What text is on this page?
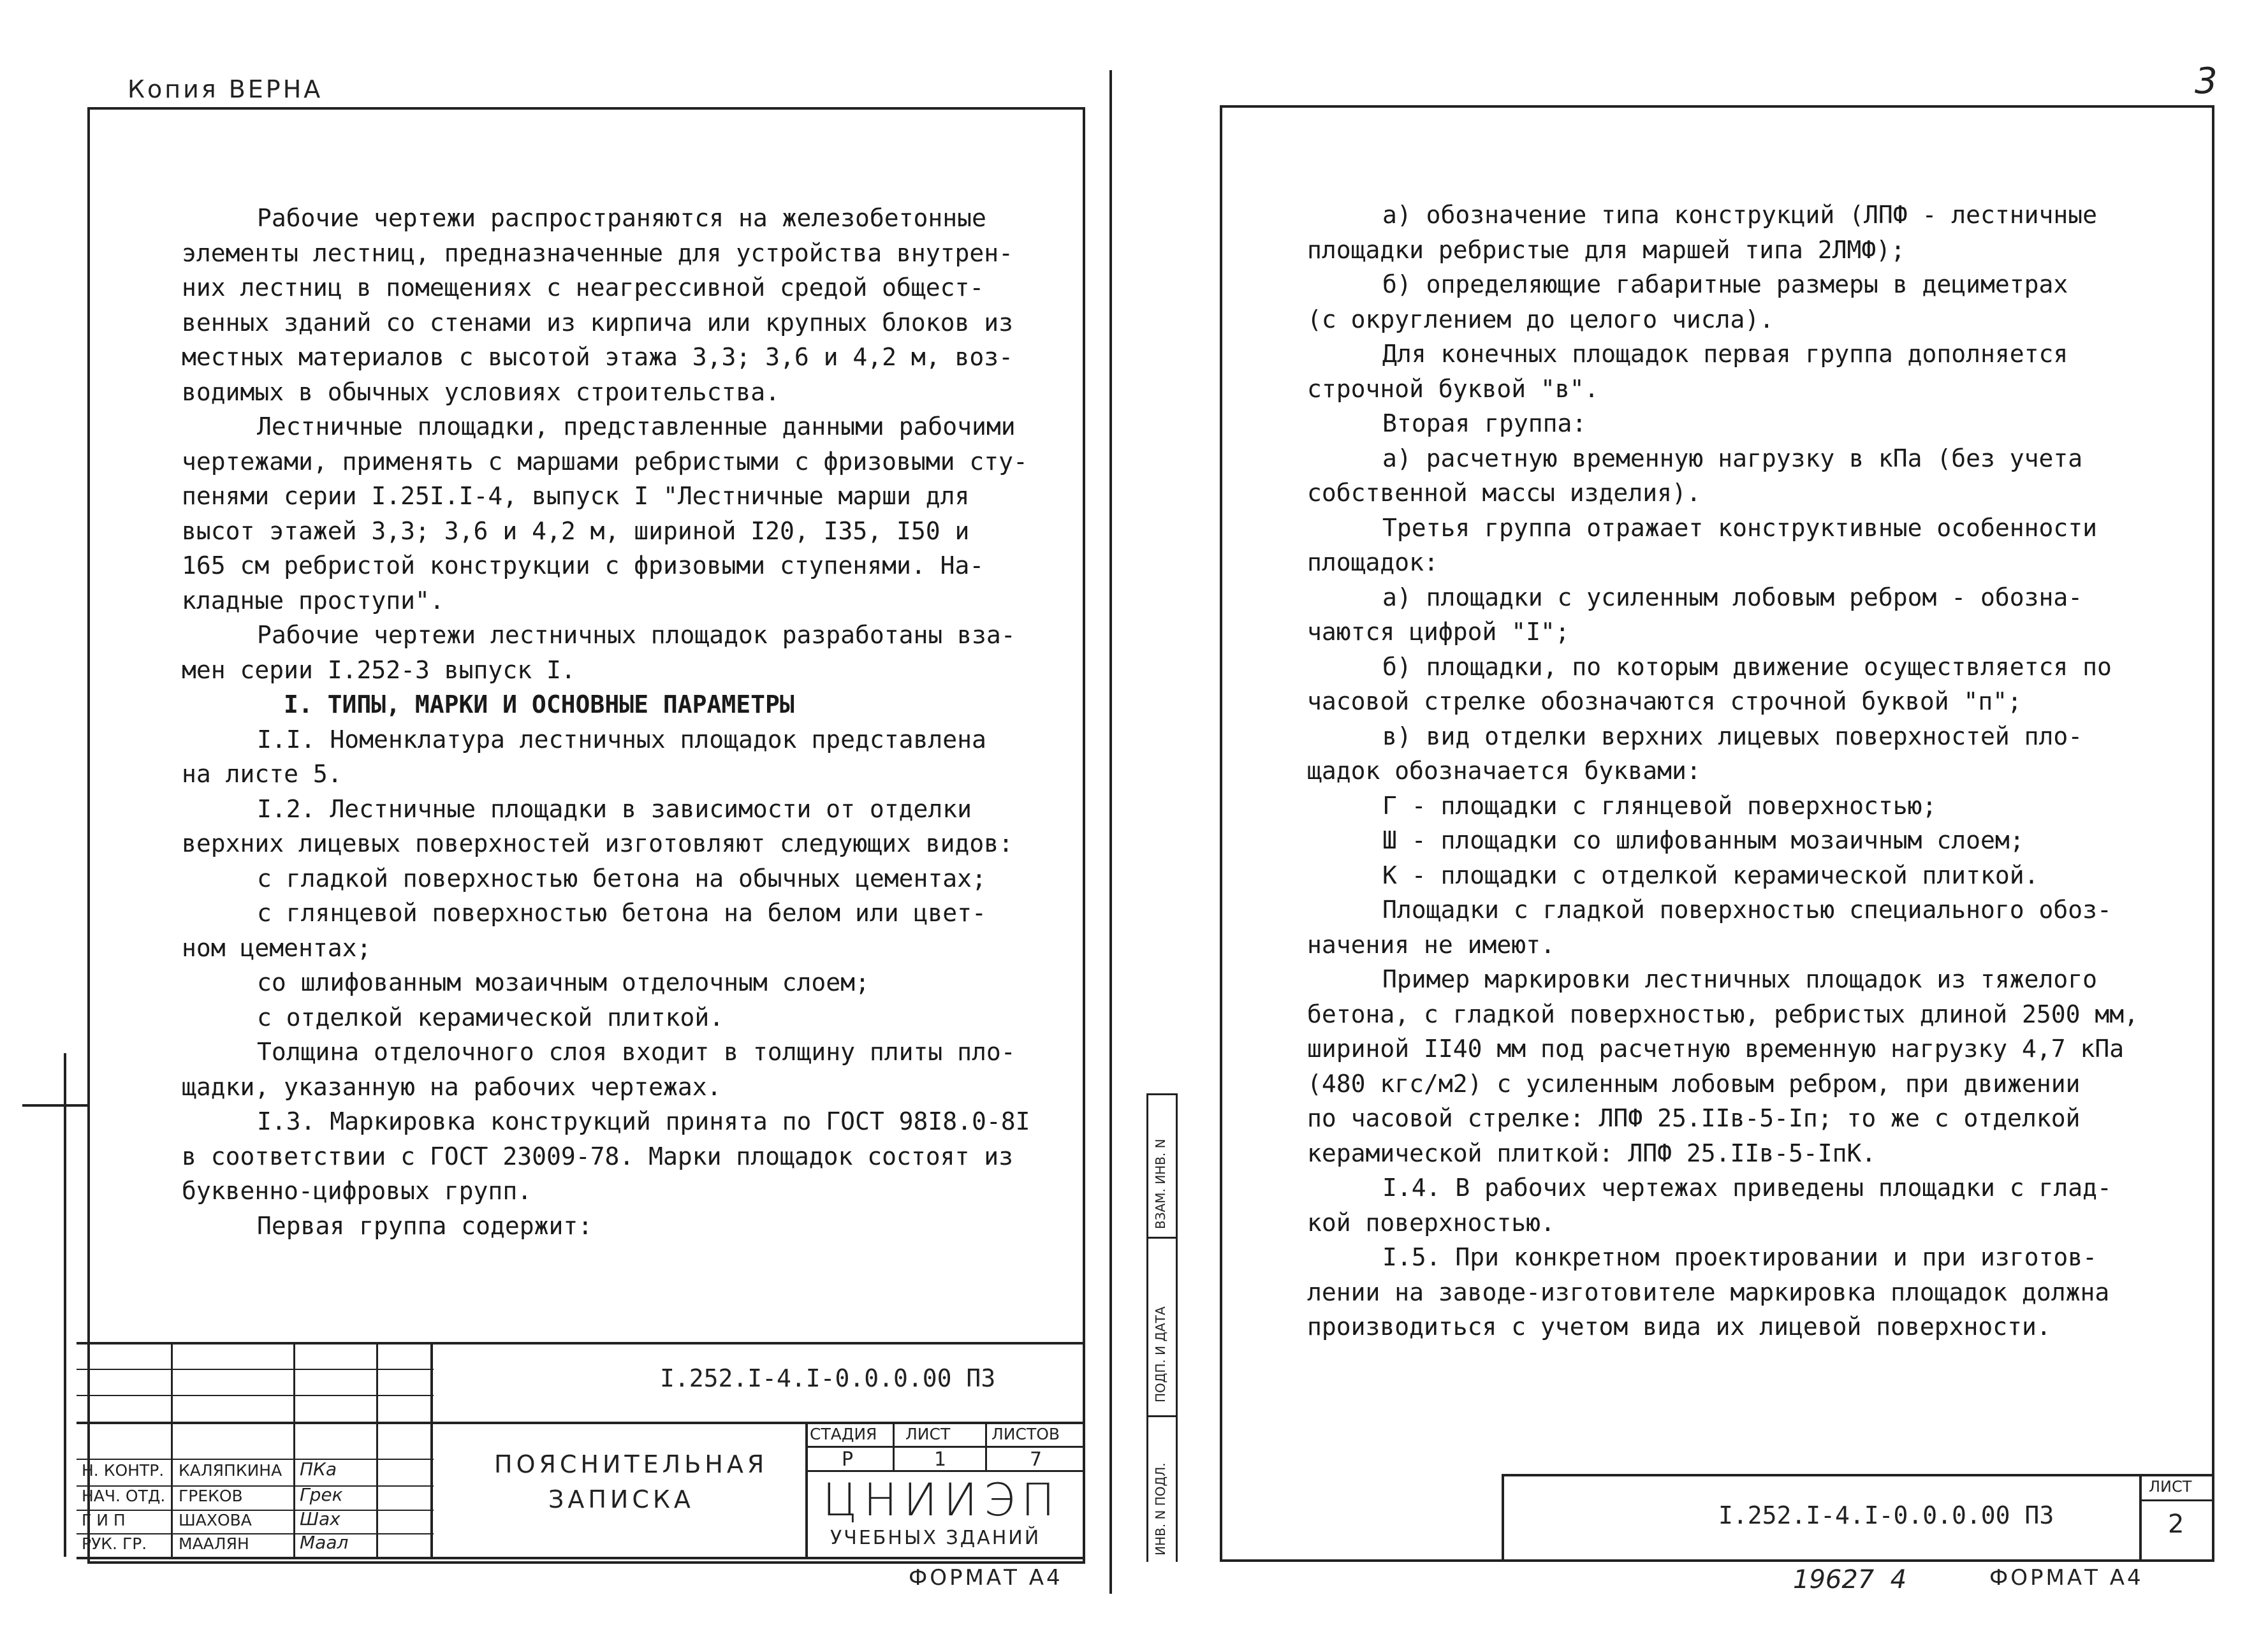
Копия ВЕРНА

Рабочие чертежи распространяются на железобетонные

элементы лестниц, предназначенные для устройства внутрен-

них лестниц в помещениях с неагрессивной средой общест-

венных зданий со стенами из кирпича или крупных блоков из

местных материалов с высотой этажа 3,3; 3,6 и 4,2 м, воз-

водимых в обычных условиях строительства.

Лестничные площадки, представленные данными рабочими

чертежами, применять с маршами ребристыми с фризовыми сту-

пенями серии I.25I.I-4, выпуск I "Лестничные марши для

высот этажей 3,3; 3,6 и 4,2 м, шириной I20, I35, I50 и

165 см ребристой конструкции с фризовыми ступенями. На-

кладные проступи".

Рабочие чертежи лестничных площадок разработаны вза-

мен серии I.252-3 выпуск I.

I. ТИПЫ, МАРКИ И ОСНОВНЫЕ ПАРАМЕТРЫ

I.I. Номенклатура лестничных площадок представлена

на листе 5.

I.2. Лестничные площадки в зависимости от отделки

верхних лицевых поверхностей изготовляют следующих видов:

с гладкой поверхностью бетона на обычных цементах;

с глянцевой поверхностью бетона на белом или цвет-

ном цементах;

со шлифованным мозаичным отделочным слоем;

с отделкой керамической плиткой.

Толщина отделочного слоя входит в толщину плиты пло-

щадки, указанную на рабочих чертежах.

I.3. Маркировка конструкций принята по ГОСТ 98I8.0-8I

в соответствии с ГОСТ 23009-78. Марки площадок состоят из

буквенно-цифровых групп.

Первая группа содержит:

I.252.I-4.I-0.0.0.00 ПЗ
ПОЯСНИТЕЛЬНАЯ
ЗАПИСКА
СТАДИЯ ЛИСТ	ЛИСТОВ
Р	1	7
ЦНИИЭП
УЧЕБНЫХ ЗДАНИЙ
Н. КОНТР. КАЛЯПКИНА ПКа
НАЧ. ОТД. ГРЕКОВ	Грек
Г И П	ШАХОВА	Шах
РУК. ГР. МААЛЯН	Маал
ФОРМАТ А4
3
ВЗАМ. ИНВ. N
ПОДП. И ДАТА
ИНВ. N ПОДЛ.

а) обозначение типа конструкций (ЛПФ - лестничные

площадки ребристые для маршей типа 2ЛМФ);

б) определяющие габаритные размеры в дециметрах

(с округлением до целого числа).

Для конечных площадок первая группа дополняется

строчной буквой "в".

Вторая группа:

а) расчетную временную нагрузку в кПа (без учета

собственной массы изделия).

Третья группа отражает конструктивные особенности

площадок:

а) площадки с усиленным лобовым ребром - обозна-

чаются цифрой "I";

б) площадки, по которым движение осуществляется по

часовой стрелке обозначаются строчной буквой "п";

в) вид отделки верхних лицевых поверхностей пло-

щадок обозначается буквами:

Г - площадки с глянцевой поверхностью;

Ш - площадки со шлифованным мозаичным слоем;

К - площадки с отделкой керамической плиткой.

Площадки с гладкой поверхностью специального обоз-

начения не имеют.

Пример маркировки лестничных площадок из тяжелого

бетона, с гладкой поверхностью, ребристых длиной 2500 мм,

шириной II40 мм под расчетную временную нагрузку 4,7 кПа

(480 кгс/м2) с усиленным лобовым ребром, при движении

по часовой стрелке: ЛПФ 25.IIв-5-Iп; то же с отделкой

керамической плиткой: ЛПФ 25.IIв-5-IпК.

I.4. В рабочих чертежах приведены площадки с глад-

кой поверхностью.

I.5. При конкретном проектировании и при изготов-

лении на заводе-изготовителе маркировка площадок должна

производиться с учетом вида их лицевой поверхности.

I.252.I-4.I-0.0.0.00 ПЗ
ЛИСТ
2
19627  4	ФОРМАТ А4
